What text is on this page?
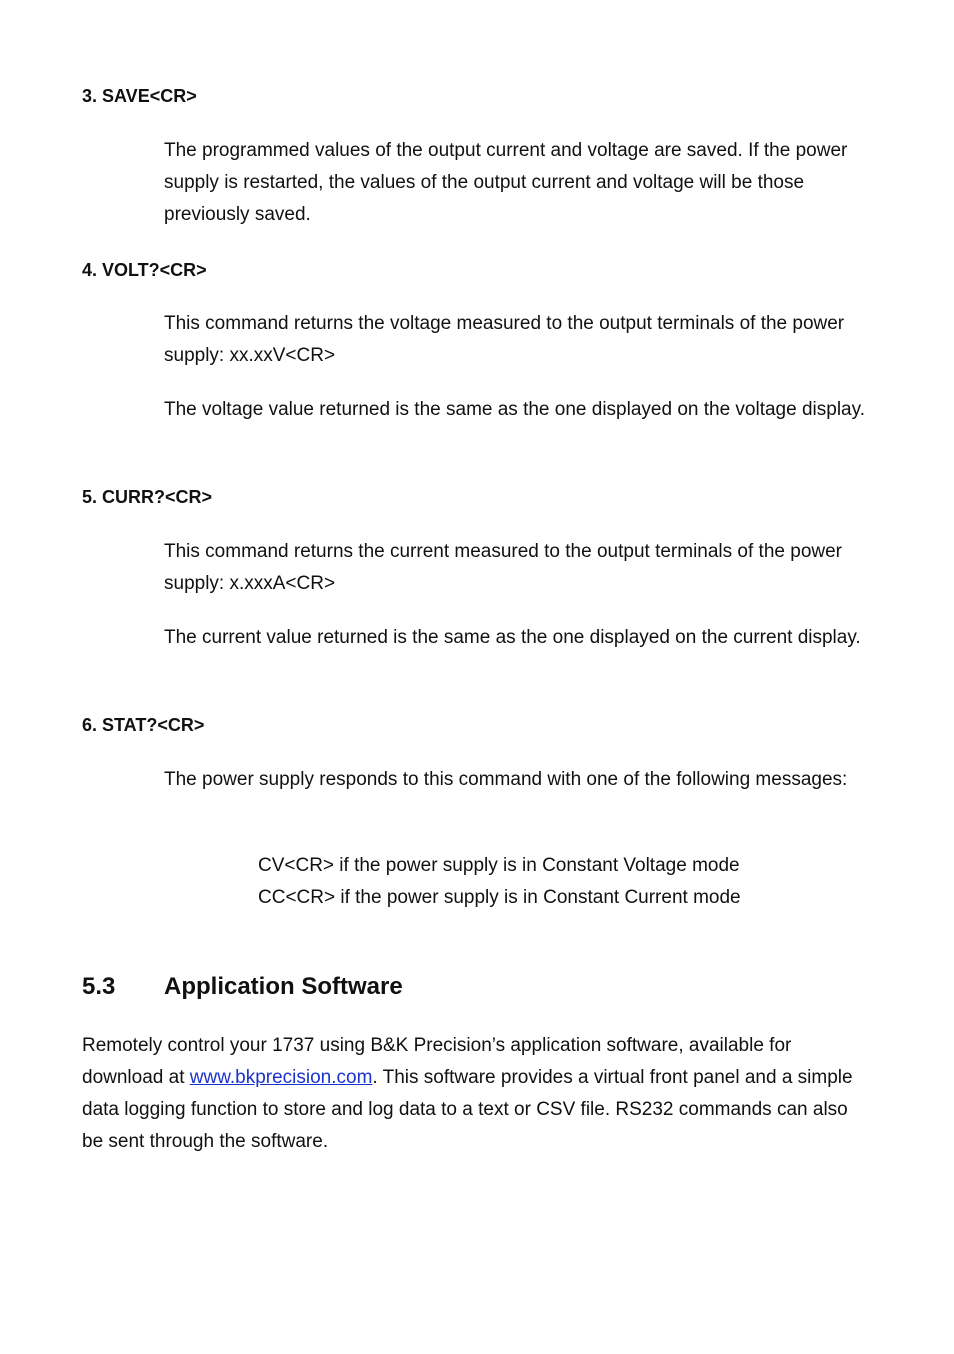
3. SAVE<CR>

The programmed values of the output current and voltage are saved. If the power supply is restarted, the values of the output current and voltage will be those previously saved.

4. VOLT?<CR>

This command returns the voltage measured to the output terminals of the power supply: xx.xxV<CR>

The voltage value returned is the same as the one displayed on the voltage display.

5. CURR?<CR>

This command returns the current measured to the output terminals of the power supply: x.xxxA<CR>

The current value returned is the same as the one displayed on the current display.

6. STAT?<CR>

The power supply responds to this command with one of the following messages:

CV<CR> if the power supply is in Constant Voltage mode

CC<CR> if the power supply is in Constant Current mode

5.3 Application Software

Remotely control your 1737 using B&K Precision’s application software, available for download at www.bkprecision.com. This software provides a virtual front panel and a simple data logging function to store and log data to a text or CSV file. RS232 commands can also be sent through the software.
